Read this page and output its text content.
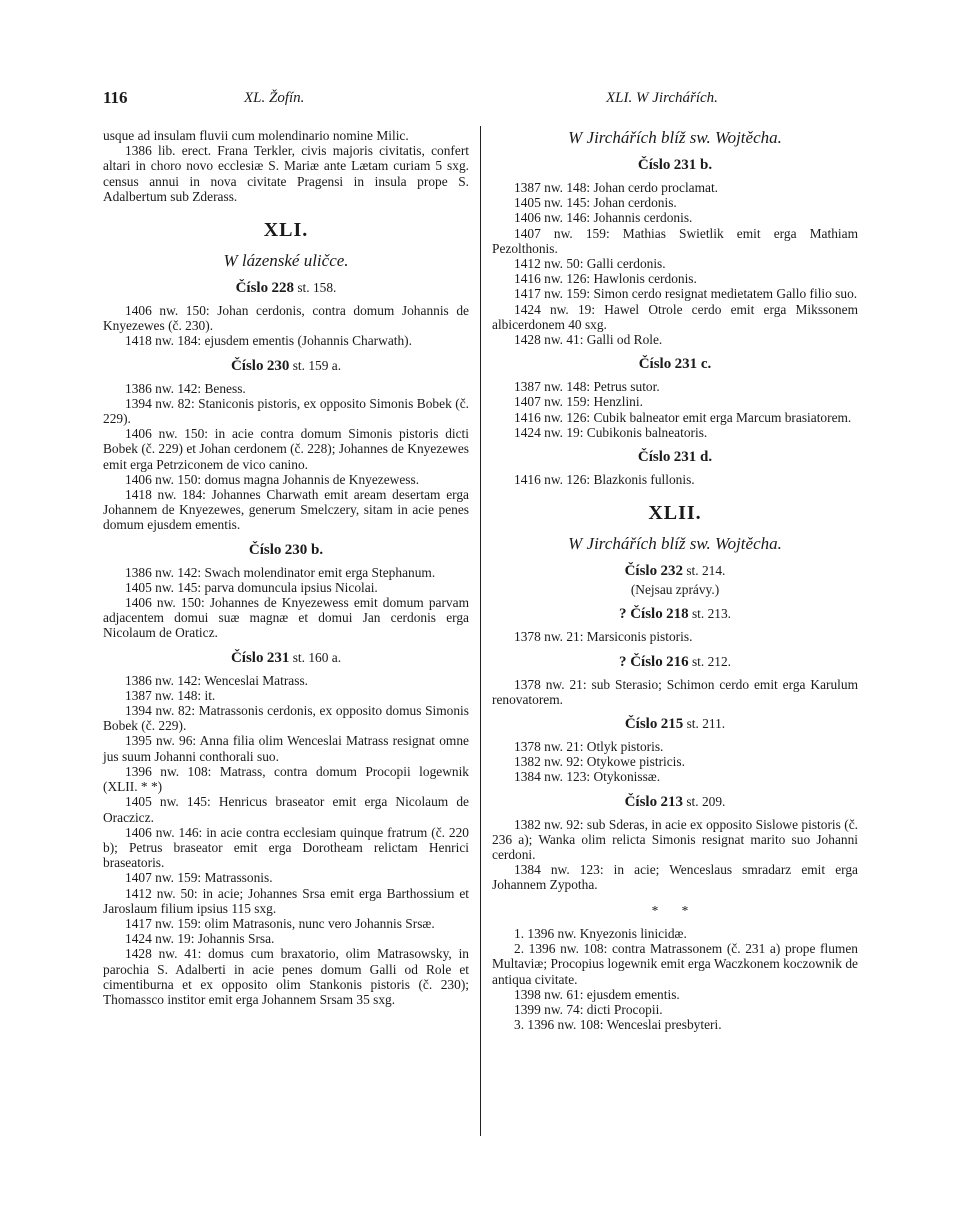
116	XL. Žofín.	XLI. W Jirchářích.

usque ad insulam fluvii cum molendinario nomine Milic.

1386 lib. erect. Frana Terkler, civis majoris civitatis, confert altari in choro novo ecclesiæ S. Mariæ ante Lætam curiam 5 sxg. census annui in nova civitate Pragensi in insula prope S. Adalbertum sub Zderass.

XLI.
W lázenské uličce.
Číslo 228 st. 158.

1406 nw. 150: Johan cerdonis, contra domum Johannis de Knyezewes (č. 230).

1418 nw. 184: ejusdem ementis (Johannis Charwath).

Číslo 230 st. 159 a.

1386 nw. 142: Beness.

1394 nw. 82: Staniconis pistoris, ex opposito Simonis Bobek (č. 229).

1406 nw. 150: in acie contra domum Simonis pistoris dicti Bobek (č. 229) et Johan cerdonem (č. 228); Johannes de Knyezewes emit erga Petrziconem de vico canino.

1406 nw. 150: domus magna Johannis de Knyezewess.

1418 nw. 184: Johannes Charwath emit aream desertam erga Johannem de Knyezewes, generum Smelczery, sitam in acie penes domum ejusdem ementis.

Číslo 230 b.

1386 nw. 142: Swach molendinator emit erga Stephanum.

1405 nw. 145: parva domuncula ipsius Nicolai.

1406 nw. 150: Johannes de Knyezewess emit domum parvam adjacentem domui suæ magnæ et domui Jan cerdonis erga Nicolaum de Oraticz.

Číslo 231 st. 160 a.

1386 nw. 142: Wenceslai Matrass.

1387 nw. 148: it.

1394 nw. 82: Matrassonis cerdonis, ex opposito domus Simonis Bobek (č. 229).

1395 nw. 96: Anna filia olim Wenceslai Matrass resignat omne jus suum Johanni conthorali suo.

1396 nw. 108: Matrass, contra domum Procopii logewnik (XLII. * *)

1405 nw. 145: Henricus braseator emit erga Nicolaum de Oraczicz.

1406 nw. 146: in acie contra ecclesiam quinque fratrum (č. 220 b); Petrus braseator emit erga Dorotheam relictam Henrici braseatoris.

1407 nw. 159: Matrassonis.

1412 nw. 50: in acie; Johannes Srsa emit erga Barthossium et Jaroslaum filium ipsius 115 sxg.

1417 nw. 159: olim Matrasonis, nunc vero Johannis Srsæ.

1424 nw. 19: Johannis Srsa.

1428 nw. 41: domus cum braxatorio, olim Matrasowsky, in parochia S. Adalberti in acie penes domum Galli od Role et cimentiburna et ex opposito olim Stankonis pistoris (č. 230); Thomassco institor emit erga Johannem Srsam 35 sxg.

W Jirchářích blíž sw. Wojtěcha.
Číslo 231 b.

1387 nw. 148: Johan cerdo proclamat.

1405 nw. 145: Johan cerdonis.

1406 nw. 146: Johannis cerdonis.

1407 nw. 159: Mathias Swietlik emit erga Mathiam Pezolthonis.

1412 nw. 50: Galli cerdonis.

1416 nw. 126: Hawlonis cerdonis.

1417 nw. 159: Simon cerdo resignat medietatem Gallo filio suo.

1424 nw. 19: Hawel Otrole cerdo emit erga Mikssonem albicerdonem 40 sxg.

1428 nw. 41: Galli od Role.

Číslo 231 c.

1387 nw. 148: Petrus sutor.

1407 nw. 159: Henzlini.

1416 nw. 126: Cubik balneator emit erga Marcum brasiatorem.

1424 nw. 19: Cubikonis balneatoris.

Číslo 231 d.

1416 nw. 126: Blazkonis fullonis.

XLII.
W Jirchářích blíž sw. Wojtěcha.
Číslo 232 st. 214.
(Nejsau zprávy.)
? Číslo 218 st. 213.

1378 nw. 21: Marsiconis pistoris.

? Číslo 216 st. 212.

1378 nw. 21: sub Sterasio; Schimon cerdo emit erga Karulum renovatorem.

Číslo 215 st. 211.

1378 nw. 21: Otlyk pistoris.

1382 nw. 92: Otykowe pistricis.

1384 nw. 123: Otykonissæ.

Číslo 213 st. 209.

1382 nw. 92: sub Sderas, in acie ex opposito Sislowe pistoris (č. 236 a); Wanka olim relicta Simonis resignat marito suo Johanni cerdoni.

1384 nw. 123: in acie; Wenceslaus smradarz emit erga Johannem Zypotha.

* *

1. 1396 nw. Knyezonis linicidæ.

2. 1396 nw. 108: contra Matrassonem (č. 231 a) prope flumen Multaviæ; Procopius logewnik emit erga Waczkonem koczownik de antiqua civitate.

1398 nw. 61: ejusdem ementis.

1399 nw. 74: dicti Procopii.

3. 1396 nw. 108: Wenceslai presbyteri.
